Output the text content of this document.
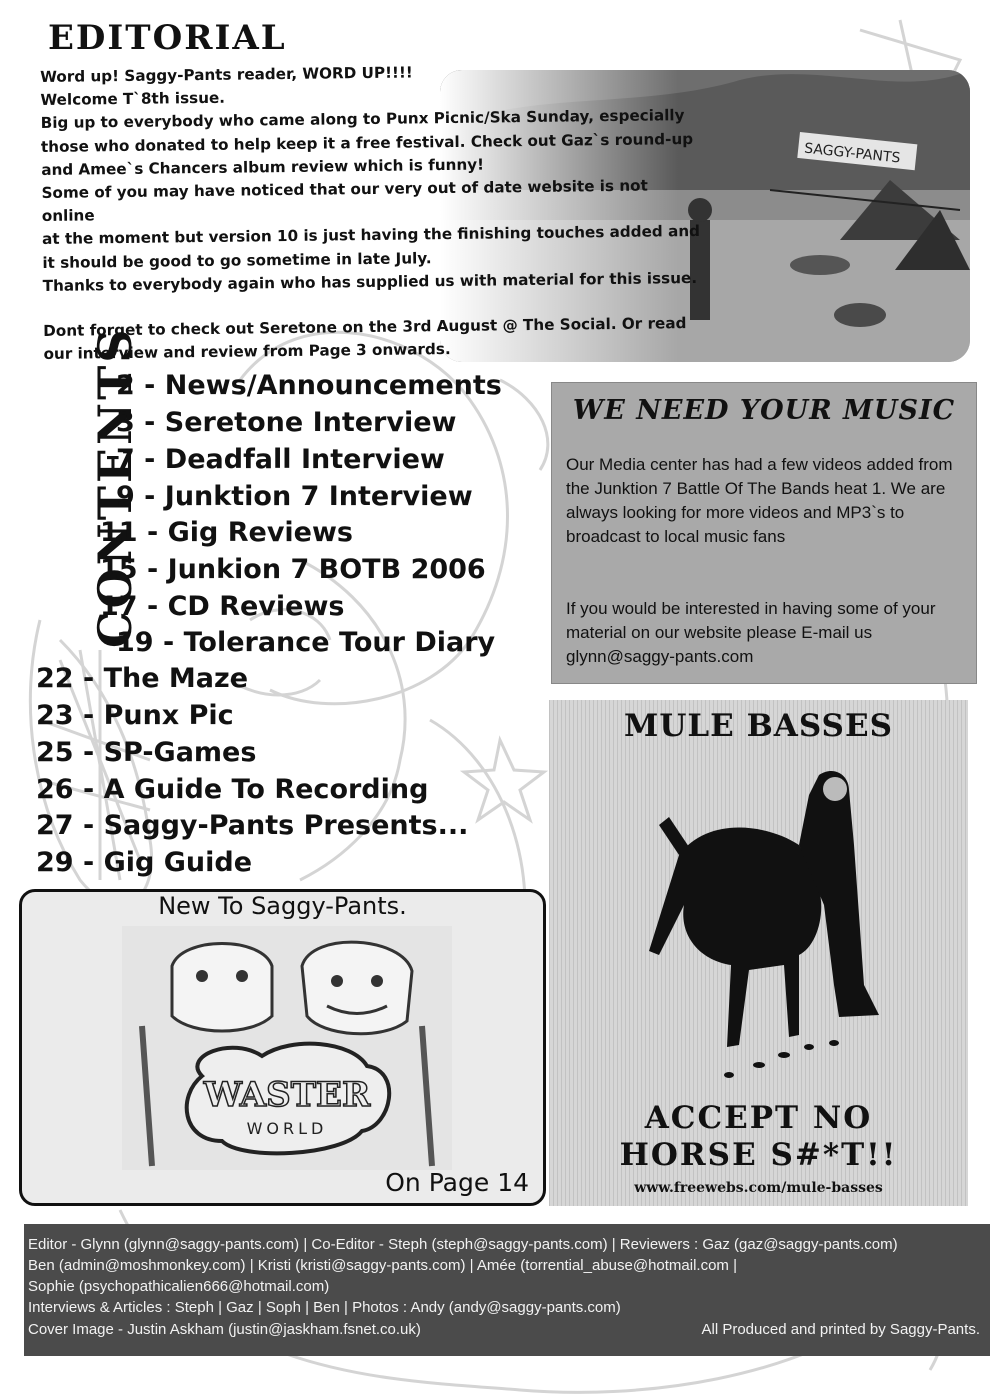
EDITORIAL

Word up! Saggy-Pants reader, WORD UP!!!!

Welcome T`8th issue.

Big up to everybody who came along to Punx Picnic/Ska Sunday, especially

those who donated to help keep it a free festival. Check out Gaz`s round-up

and Amee`s Chancers album review which is funny!

Some of you may have noticed that our very out of date website is not online

at the moment but version 10 is just having the finishing touches added and

it should be good to go sometime in late July.

Thanks to everybody again who has supplied us with material for this issue.

Dont forget to check out Seretone on the 3rd August @ The Social. Or read

our interview and review from Page 3 onwards.

CONTENTS
2 - News/Announcements
3 - Seretone Interview
7 - Deadfall Interview
9 - Junktion 7 Interview
11 - Gig Reviews
15 - Junkion 7 BOTB 2006
17 - CD Reviews
19 - Tolerance Tour Diary
22 - The Maze
23 - Punx Pic
25 - SP-Games
26 - A Guide To Recording
27 - Saggy-Pants Presents...
29 - Gig Guide
WE NEED YOUR MUSIC
Our Media center has had a few videos added from the Junktion 7 Battle Of The Bands heat 1. We are always looking for more videos and MP3`s to broadcast to local music fans
If you would be interested in having some of your material on our website please E-mail us glynn@saggy-pants.com
New To Saggy-Pants.
WASTER
WORLD
On Page 14
MULE BASSES
ACCEPT NO
HORSE S#*T!!
www.freewebs.com/mule-basses
Editor - Glynn (glynn@saggy-pants.com) | Co-Editor - Steph (steph@saggy-pants.com) | Reviewers : Gaz (gaz@saggy-pants.com)
Ben (admin@moshmonkey.com) | Kristi (kristi@saggy-pants.com) | Amée (torrential_abuse@hotmail.com |
Sophie (psychopathicalien666@hotmail.com)
Interviews & Articles : Steph | Gaz | Soph | Ben | Photos : Andy (andy@saggy-pants.com)
Cover Image - Justin Askham (justin@jaskham.fsnet.co.uk)	All Produced and printed by Saggy-Pants.
